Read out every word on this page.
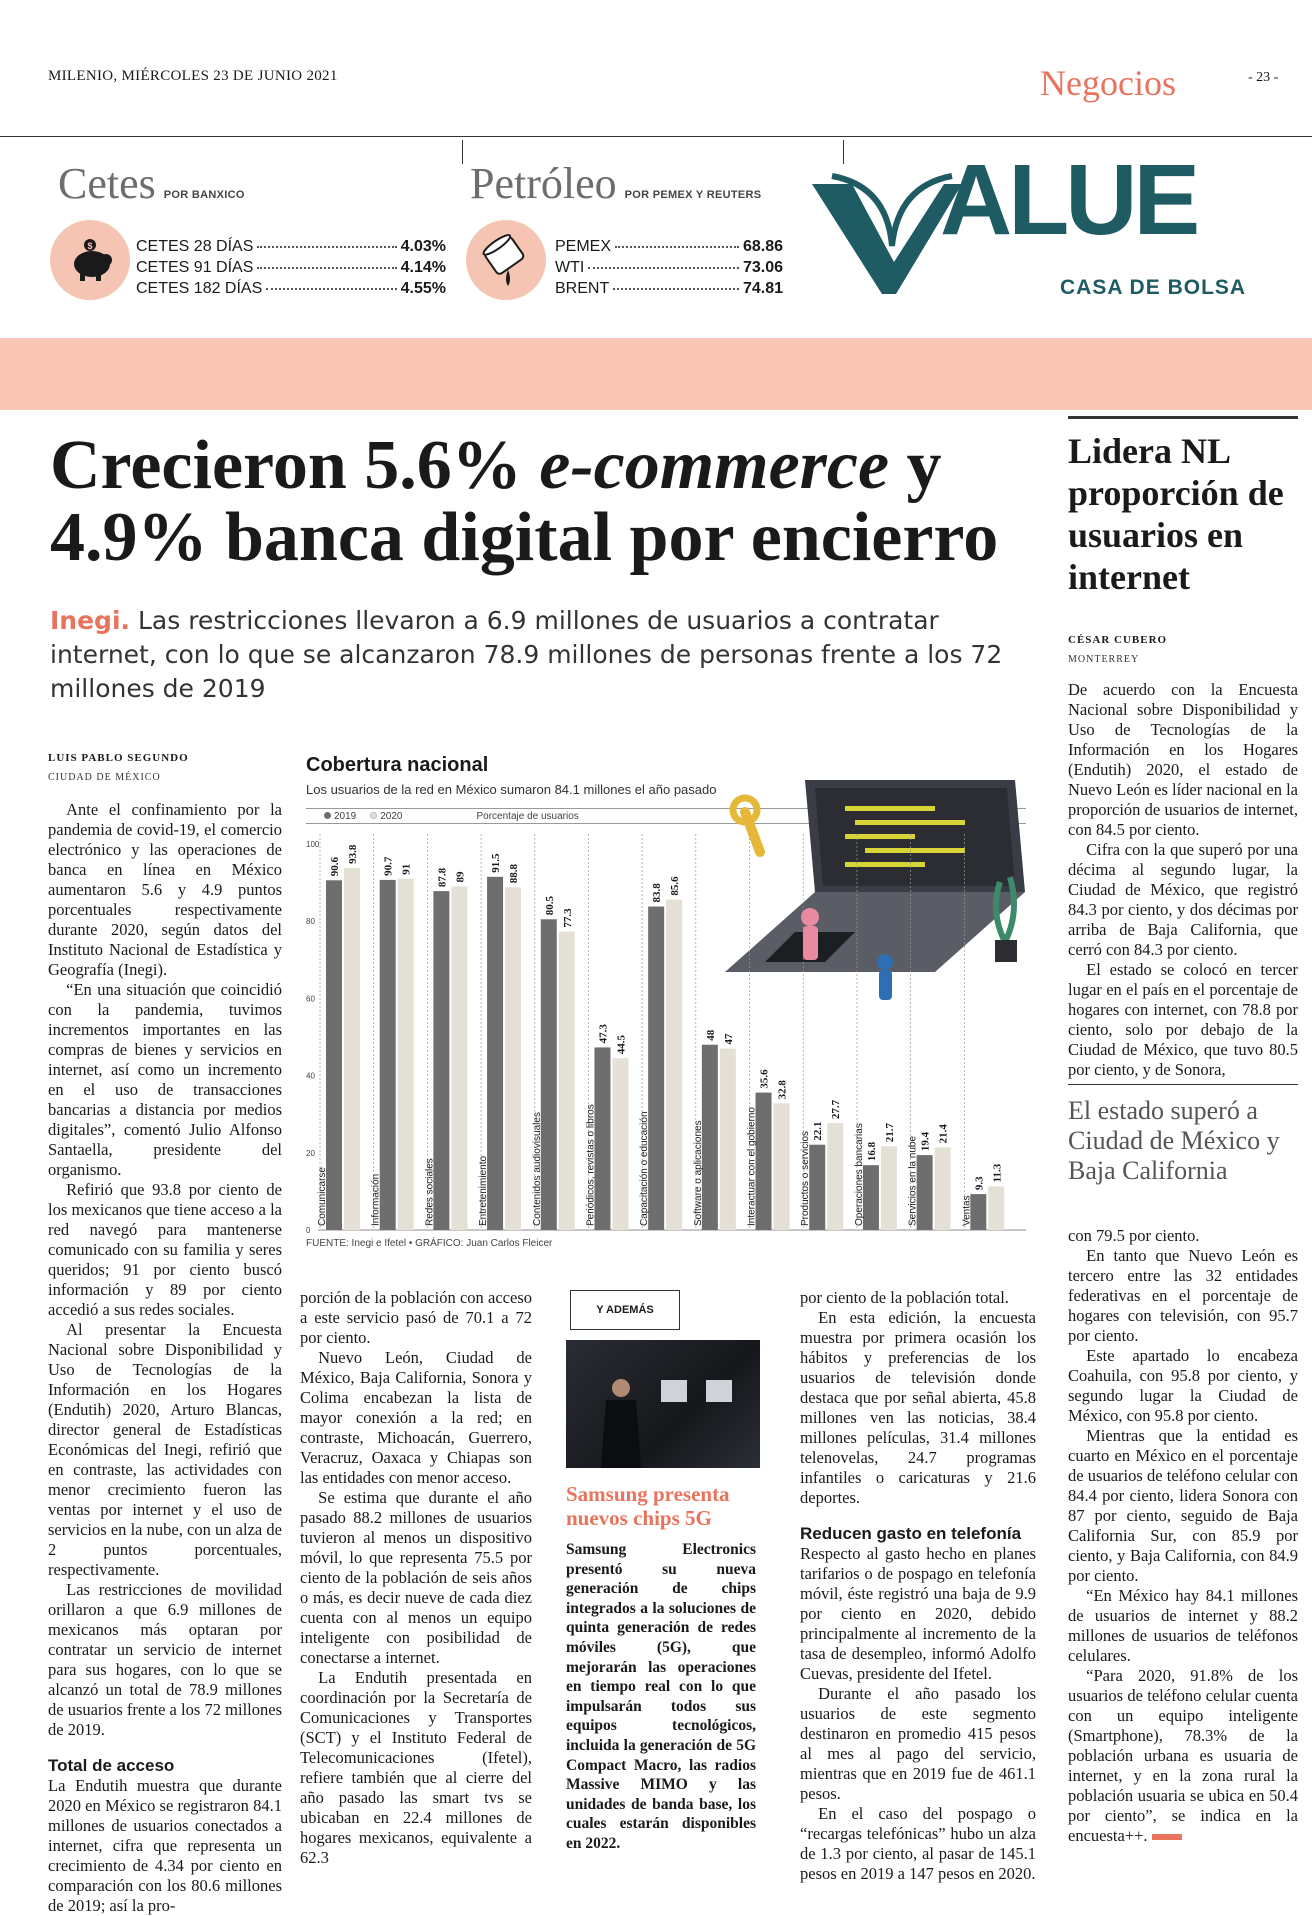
MILENIO, MIÉRCOLES 23 DE JUNIO 2021	Negocios	- 23 -
Cetes POR BANXICO
$	CETES 28 DÍAS	4.03%
CETES 91 DÍAS	4.14%
CETES 182 DÍAS	4.55%
Petróleo POR PEMEX Y REUTERS
PEMEX	68.86
WTI	73.06
BRENT	74.81
ALUE
CASA DE BOLSA
Crecieron 5.6% e-commerce y 4.9% banca digital por encierro
Inegi. Las restricciones llevaron a 6.9 millones de usuarios a contratar internet, con lo que se alcanzaron 78.9 millones de personas frente a los 72 millones de 2019
Cobertura nacional
Los usuarios de la red en México sumaron 84.1 millones el año pasado
2019	2020	Porcentaje de usuarios
0
20
40
60
80
100
90.6
93.8
Comunicarse
90.7 91
Información
87.8 89
Redes sociales
91.5
88.8
Entretenimiento
80.5
77.3
Contenidos audiovisuales
47.3
44.5
Periódicos, revistas o libros
83.8 85.6
Capacitación o educación
48 47
Software o aplicaciones
35.6
32.8
Interactuar con el gobierno	22.1
27.7
Productos o servicios	16.8
21.7
Operaciones bancarias	19.4 21.4
Servicios en la nube	9.3
11.3
Ventas
FUENTE: Inegi e Ifetel • GRÁFICO: Juan Carlos Fleicer
LUIS PABLO SEGUNDO
CIUDAD DE MÉXICO

Ante el confinamiento por la pandemia de covid-19, el comercio electrónico y las operaciones de banca en línea en México aumentaron 5.6 y 4.9 puntos porcentuales respectivamente durante 2020, según datos del Instituto Nacional de Estadística y Geografía (Inegi).

“En una situación que coincidió con la pandemia, tuvimos incrementos importantes en las compras de bienes y servicios en internet, así como un incremento en el uso de transacciones bancarias a distancia por medios digitales”, comentó Julio Alfonso Santaella, presidente del organismo.

Refirió que 93.8 por ciento de los mexicanos que tiene acceso a la red navegó para mantenerse comunicado con su familia y seres queridos; 91 por ciento buscó información y 89 por ciento accedió a sus redes sociales.

Al presentar la Encuesta Nacional sobre Disponibilidad y Uso de Tecnologías de la Información en los Hogares (Endutih) 2020, Arturo Blancas, director general de Estadísticas Económicas del Inegi, refirió que en contraste, las actividades con menor crecimiento fueron las ventas por internet y el uso de servicios en la nube, con un alza de 2 puntos porcentuales, respectivamente.

Las restricciones de movilidad orillaron a que 6.9 millones de mexicanos más optaran por contratar un servicio de internet para sus hogares, con lo que se alcanzó un total de 78.9 millones de usuarios frente a los 72 millones de 2019.

Total de acceso

La Endutih muestra que durante 2020 en México se registraron 84.1 millones de usuarios conectados a internet, cifra que representa un crecimiento de 4.34 por ciento en comparación con los 80.6 millones de 2019; así la pro-

porción de la población con acceso a este servicio pasó de 70.1 a 72 por ciento.

Nuevo León, Ciudad de México, Baja California, Sonora y Colima encabezan la lista de mayor conexión a la red; en contraste, Michoacán, Guerrero, Veracruz, Oaxaca y Chiapas son las entidades con menor acceso.

Se estima que durante el año pasado 88.2 millones de usuarios tuvieron al menos un dispositivo móvil, lo que representa 75.5 por ciento de la población de seis años o más, es decir nueve de cada diez cuenta con al menos un equipo inteligente con posibilidad de conectarse a internet.

La Endutih presentada en coordinación por la Secretaría de Comunicaciones y Transportes (SCT) y el Instituto Federal de Telecomunicaciones (Ifetel), refiere también que al cierre del año pasado las smart tvs se ubicaban en 22.4 millones de hogares mexicanos, equivalente a 62.3

Y ADEMÁS
Samsung presenta nuevos chips 5G
Samsung Electronics presentó su nueva generación de chips integrados a la soluciones de quinta generación de redes móviles (5G), que mejorarán las operaciones en tiempo real con lo que impulsarán todos sus equipos tecnológicos, incluida la generación de 5G Compact Macro, las radios Massive MIMO y las unidades de banda base, los cuales estarán disponibles en 2022.

por ciento de la población total.

En esta edición, la encuesta muestra por primera ocasión los hábitos y preferencias de los usuarios de televisión donde destaca que por señal abierta, 45.8 millones ven las noticias, 38.4 millones películas, 31.4 millones telenovelas, 24.7 programas infantiles o caricaturas y 21.6 deportes.

Reducen gasto en telefonía

Respecto al gasto hecho en planes tarifarios o de pospago en telefonía móvil, éste registró una baja de 9.9 por ciento en 2020, debido principalmente al incremento de la tasa de desempleo, informó Adolfo Cuevas, presidente del Ifetel.

Durante el año pasado los usuarios de este segmento destinaron en promedio 415 pesos al mes al pago del servicio, mientras que en 2019 fue de 461.1 pesos.

En el caso del pospago o “recargas telefónicas” hubo un alza de 1.3 por ciento, al pasar de 145.1 pesos en 2019 a 147 pesos en 2020.

Lidera NL proporción de usuarios en internet
CÉSAR CUBERO
MONTERREY

De acuerdo con la Encuesta Nacional sobre Disponibilidad y Uso de Tecnologías de la Información en los Hogares (Endutih) 2020, el estado de Nuevo León es líder nacional en la proporción de usuarios de internet, con 84.5 por ciento.

Cifra con la que superó por una décima al segundo lugar, la Ciudad de México, que registró 84.3 por ciento, y dos décimas por arriba de Baja California, que cerró con 84.3 por ciento.

El estado se colocó en tercer lugar en el país en el porcentaje de hogares con internet, con 78.8 por ciento, solo por debajo de la Ciudad de México, que tuvo 80.5 por ciento, y de Sonora,

El estado superó a Ciudad de México y Baja California

con 79.5 por ciento.

En tanto que Nuevo León es tercero entre las 32 entidades federativas en el porcentaje de hogares con televisión, con 95.7 por ciento.

Este apartado lo encabeza Coahuila, con 95.8 por ciento, y segundo lugar la Ciudad de México, con 95.8 por ciento.

Mientras que la entidad es cuarto en México en el porcentaje de usuarios de teléfono celular con 84.4 por ciento, lidera Sonora con 87 por ciento, seguido de Baja California Sur, con 85.9 por ciento, y Baja California, con 84.9 por ciento.

“En México hay 84.1 millones de usuarios de internet y 88.2 millones de usuarios de teléfonos celulares.

“Para 2020, 91.8% de los usuarios de teléfono celular cuenta con un equipo inteligente (Smartphone), 78.3% de la población urbana es usuaria de internet, y en la zona rural la población usuaria se ubica en 50.4 por ciento”, se indica en la encuesta++.
